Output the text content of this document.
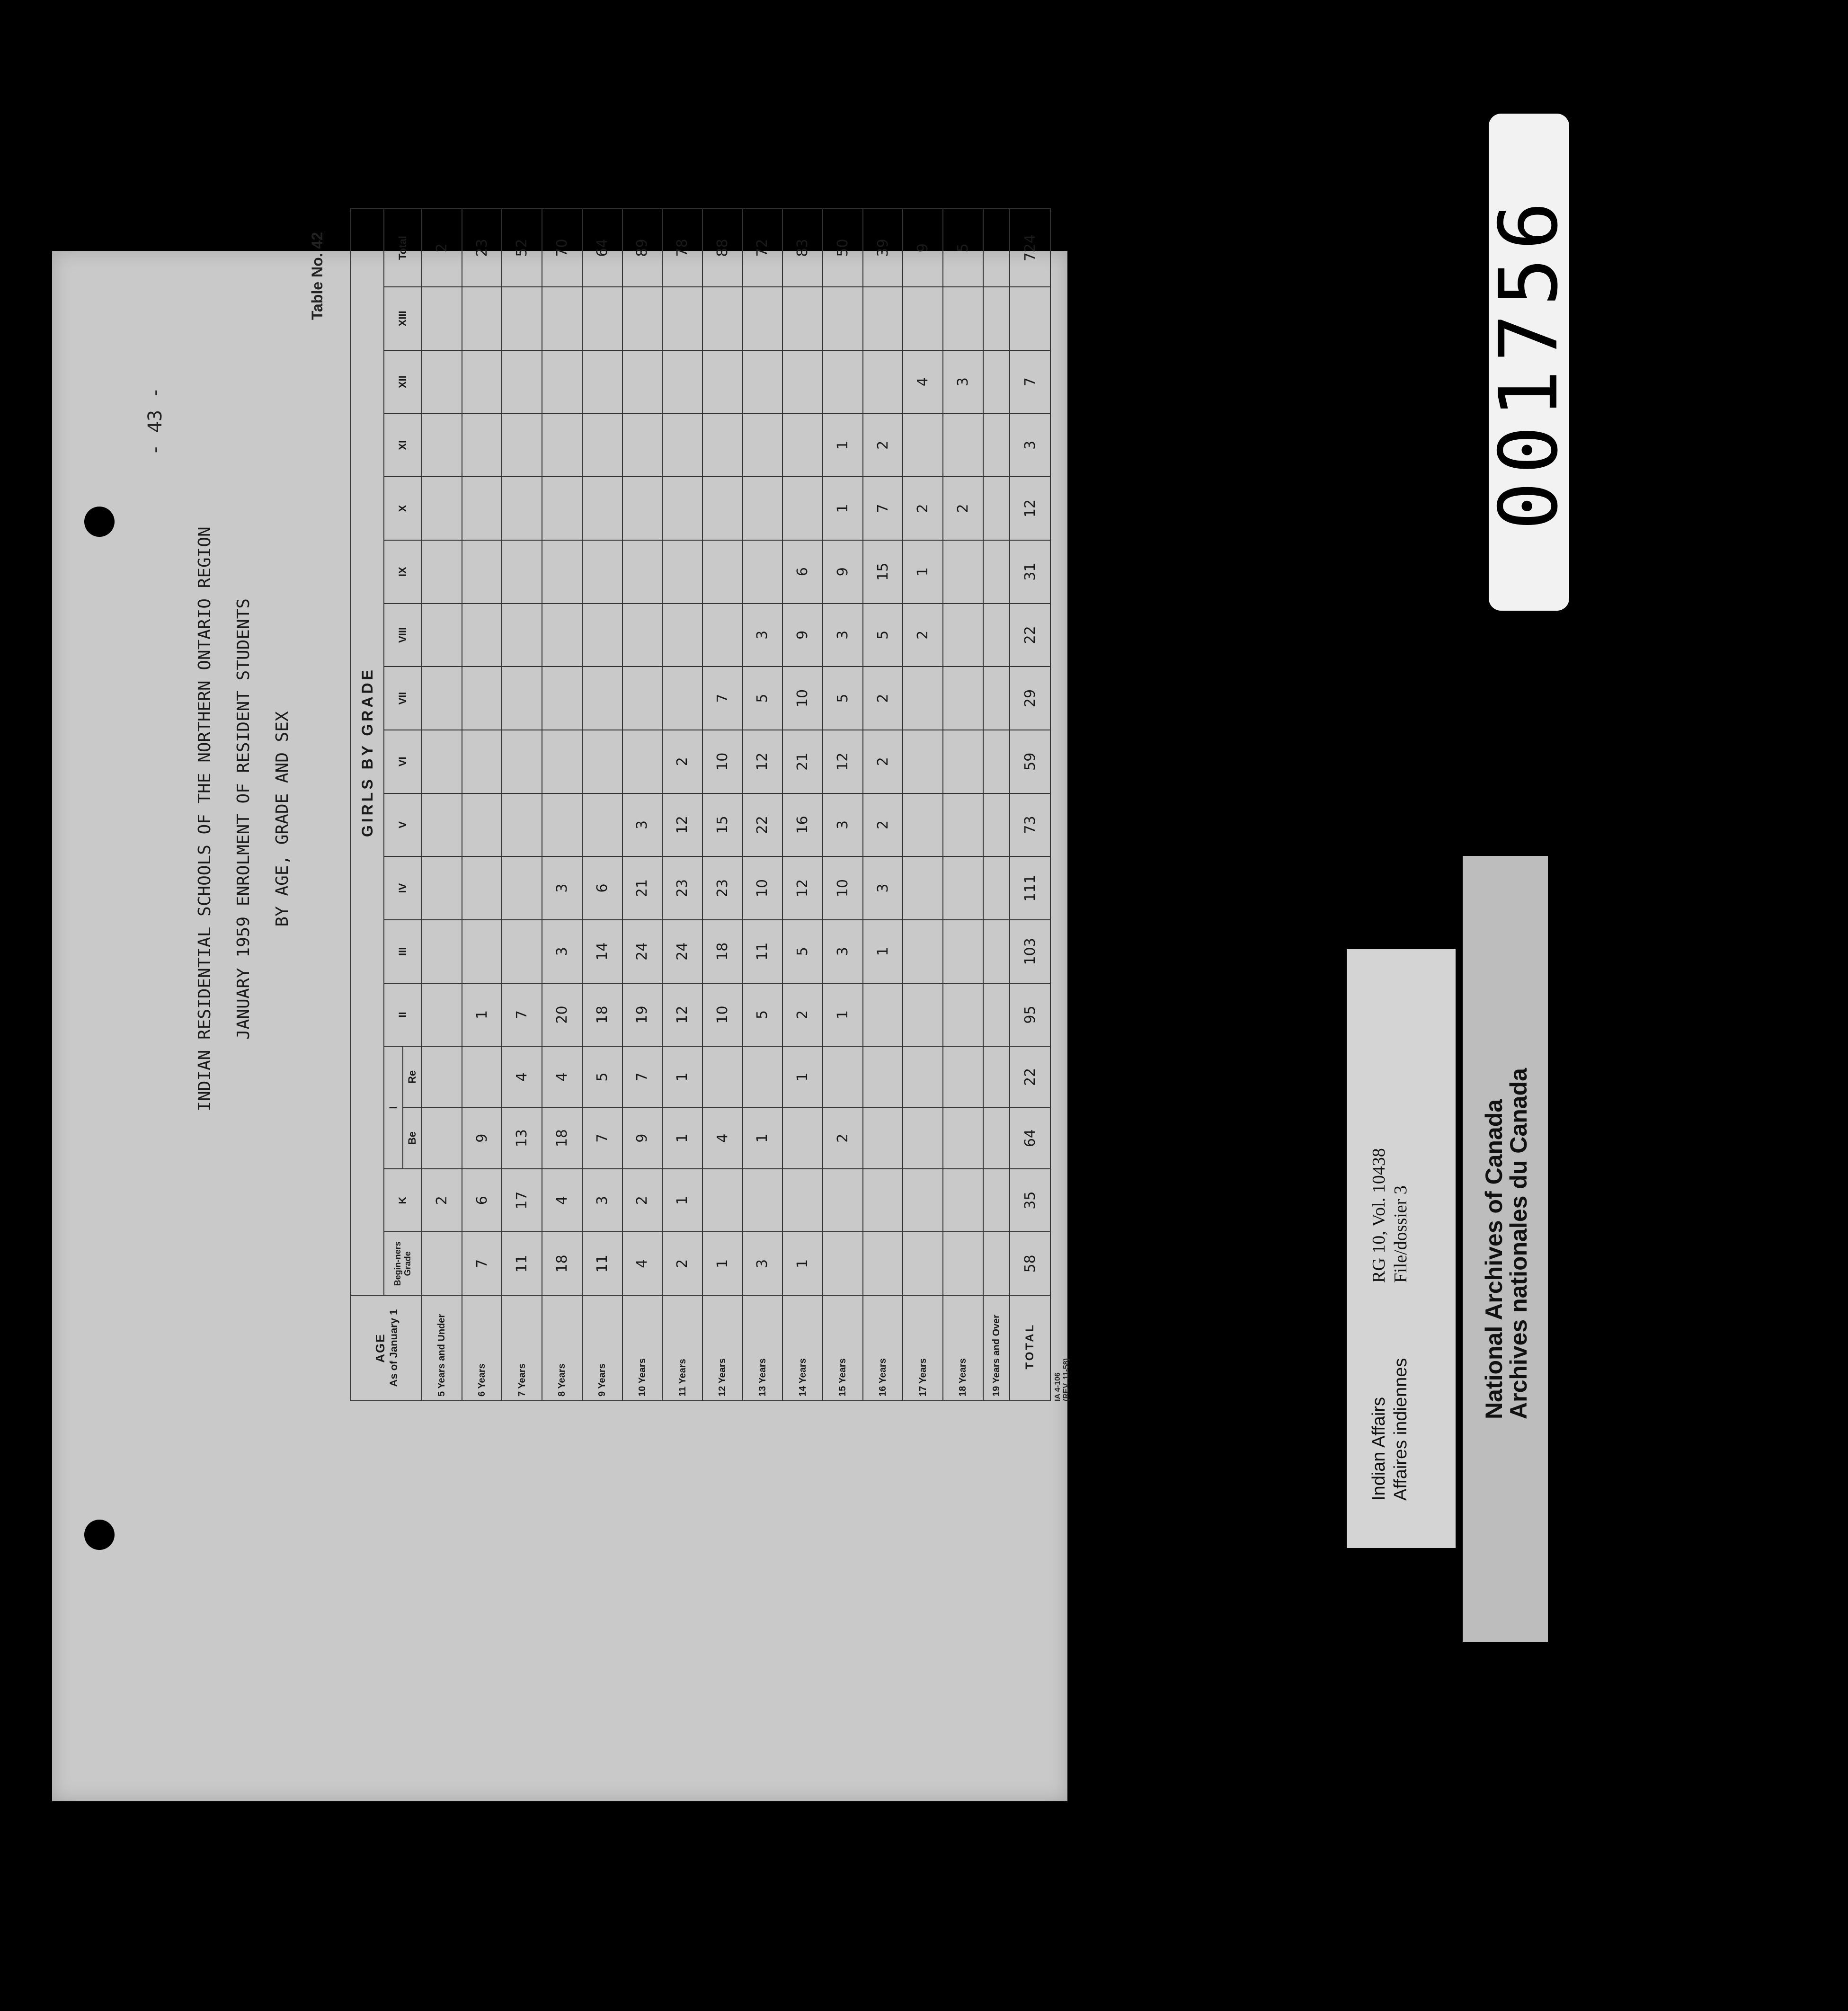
- 43 -
INDIAN RESIDENTIAL SCHOOLS OF THE NORTHERN ONTARIO REGION JANUARY 1959 ENROLMENT OF RESIDENT STUDENTS BY AGE, GRADE AND SEX
Table No. 42
AGE As of January 1	GIRLS BY GRADE																
	Begin-ners Grade	K	I		II	III	IV	V	VI	VII	VIII	IX	X	XI	XII	XIII	Total
			Be	Re													
5 Years and Under		2															2
6 Years	7	6	9		1												23
7 Years	11	17	13	4	7												52
8 Years	18	4	18	4	20	3	3										70
9 Years	11	3	7	5	18	14	6										64
10 Years	4	2	9	7	19	24	21	3									89
11 Years	2	1	1	1	12	24	23	12	2								78
12 Years	1		4		10	18	23	15	10	7							88
13 Years	3		1		5	11	10	22	12	5	3						72
14 Years	1			1	2	5	12	16	21	10	9	6					83
15 Years			2		1	3	10	3	12	5	3	9	1	1			50
16 Years						1	3	2	2	2	5	15	7	2			39
17 Years											2	1	2		4		9
18 Years													2		3		5
19 Years and Over																	
TOTAL	58	35	64	22	95	103	111	73	59	29	22	31	12	3	7		724
IA 4-106
(REV. 11-58)
Indian Affairs Affaires indiennes
RG 10, Vol. 10438 File/dossier 3	National Archives of Canada
Archives nationales du Canada
001756
